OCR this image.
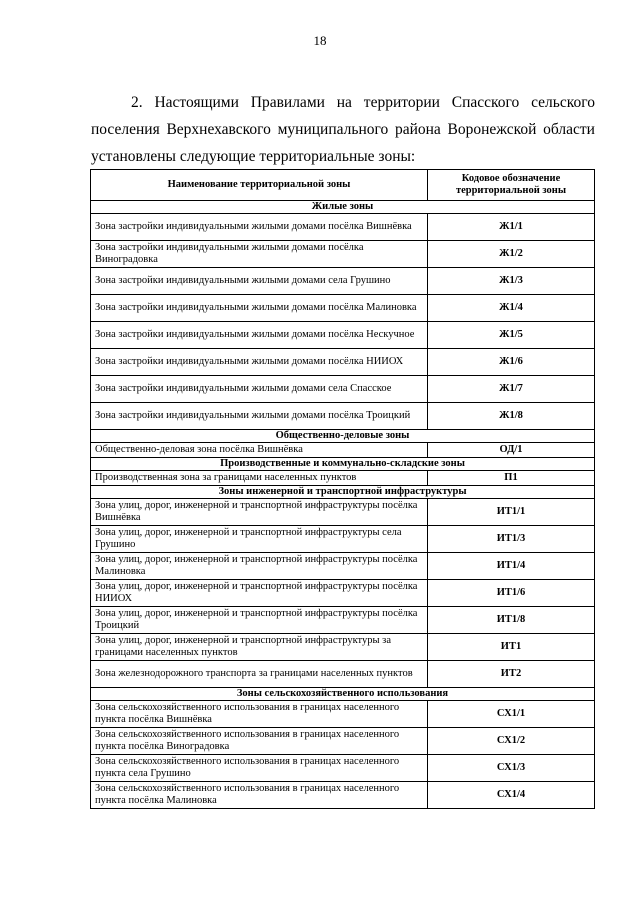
18
2. Настоящими Правилами на территории Спасского сельского
поселения Верхнехавского муниципального района Воронежской области
установлены следующие территориальные зоны:
Наименование территориальной зоны	Кодовое обозначение территориальной зоны
Жилые зоны	
Зона застройки индивидуальными жилыми домами посёлка Вишнёвка	Ж1/1
Зона застройки индивидуальными жилыми домами посёлка Виноградовка	Ж1/2
Зона застройки индивидуальными жилыми домами села Грушино	Ж1/3
Зона застройки индивидуальными жилыми домами посёлка Малиновка	Ж1/4
Зона застройки индивидуальными жилыми домами посёлка Нескучное	Ж1/5
Зона застройки индивидуальными жилыми домами посёлка НИИОХ	Ж1/6
Зона застройки индивидуальными жилыми домами села Спасское	Ж1/7
Зона застройки индивидуальными жилыми домами посёлка Троицкий	Ж1/8
Общественно-деловые зоны	
Общественно-деловая зона посёлка Вишнёвка	ОД/1
Производственные и коммунально-складские зоны	
Производственная зона за границами населенных пунктов	П1
Зоны инженерной и транспортной инфраструктуры	
Зона улиц, дорог, инженерной и транспортной инфраструктуры посёлка Вишнёвка	ИТ1/1
Зона улиц, дорог, инженерной и транспортной инфраструктуры села Грушино	ИТ1/3
Зона улиц, дорог, инженерной и транспортной инфраструктуры посёлка Малиновка	ИТ1/4
Зона улиц, дорог, инженерной и транспортной инфраструктуры посёлка НИИОХ	ИТ1/6
Зона улиц, дорог, инженерной и транспортной инфраструктуры посёлка Троицкий	ИТ1/8
Зона улиц, дорог, инженерной и транспортной инфраструктуры за границами населенных пунктов	ИТ1
Зона железнодорожного транспорта за границами населенных пунктов	ИТ2
Зоны сельскохозяйственного использования	
Зона сельскохозяйственного использования в границах населенного пункта посёлка Вишнёвка	СХ1/1
Зона сельскохозяйственного использования в границах населенного пункта посёлка Виноградовка	СХ1/2
Зона сельскохозяйственного использования в границах населенного пункта села Грушино	СХ1/3
Зона сельскохозяйственного использования в границах населенного пункта посёлка Малиновка	СХ1/4
